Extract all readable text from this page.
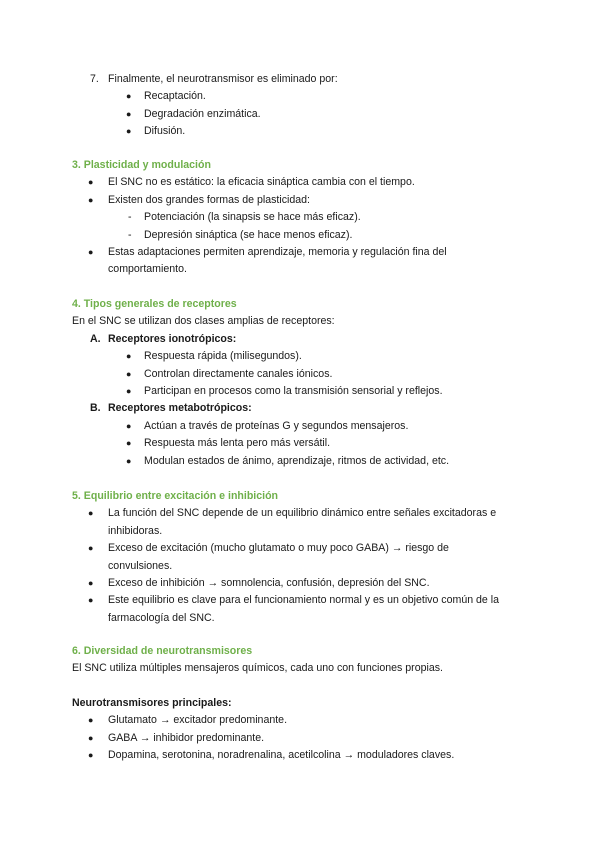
7. Finalmente, el neurotransmisor es eliminado por:
● Recaptación.
● Degradación enzimática.
● Difusión.
3. Plasticidad y modulación
● El SNC no es estático: la eficacia sináptica cambia con el tiempo.
● Existen dos grandes formas de plasticidad:
- Potenciación (la sinapsis se hace más eficaz).
- Depresión sináptica (se hace menos eficaz).
● Estas adaptaciones permiten aprendizaje, memoria y regulación fina del
comportamiento.
4. Tipos generales de receptores
En el SNC se utilizan dos clases amplias de receptores:
A. Receptores ionotrópicos:
● Respuesta rápida (milisegundos).
● Controlan directamente canales iónicos.
● Participan en procesos como la transmisión sensorial y reflejos.
B. Receptores metabotrópicos:
● Actúan a través de proteínas G y segundos mensajeros.
● Respuesta más lenta pero más versátil.
● Modulan estados de ánimo, aprendizaje, ritmos de actividad, etc.
5. Equilibrio entre excitación e inhibición
● La función del SNC depende de un equilibrio dinámico entre señales excitadoras e
inhibidoras.
● Exceso de excitación (mucho glutamato o muy poco GABA) → riesgo de
convulsiones.
● Exceso de inhibición → somnolencia, confusión, depresión del SNC.
● Este equilibrio es clave para el funcionamiento normal y es un objetivo común de la
farmacología del SNC.
6. Diversidad de neurotransmisores
El SNC utiliza múltiples mensajeros químicos, cada uno con funciones propias.
Neurotransmisores principales:
● Glutamato → excitador predominante.
● GABA → inhibidor predominante.
● Dopamina, serotonina, noradrenalina, acetilcolina → moduladores claves.
